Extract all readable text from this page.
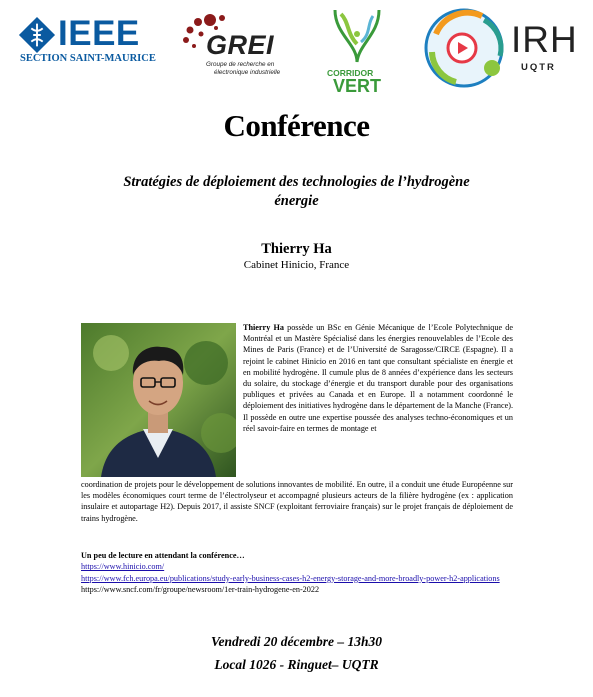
IEEE
SECTION SAINT-MAURICE GREI
Groupe de recherche en
électronique industrielle	CORRIDOR
VERT
IRH
UQTR
Conférence
Stratégies de déploiement des technologies de l’hydrogène énergie
Thierry Ha
Cabinet Hinicio, France
Thierry Ha possède un BSc en Génie Mécanique de l’Ecole Polytechnique de Montréal et un Mastère Spécialisé dans les énergies renouvelables de l’Ecole des Mines de Paris (France) et de l’Université de Saragosse/CIRCE (Espagne). Il a rejoint le cabinet Hinicio en 2016 en tant que consultant spécialiste en énergie et en mobilité hydrogène. Il cumule plus de 8 années d’expérience dans les secteurs du solaire, du stockage d’énergie et du transport durable pour des organisations publiques et privées au Canada et en Europe. Il a notamment coordonné le déploiement des initiatives hydrogène dans le département de la Manche (France). Il possède en outre une expertise poussée des analyses techno-économiques et un réel savoir-faire en termes de montage et
coordination de projets pour le développement de solutions innovantes de mobilité. En outre, il a conduit une étude Européenne sur les modèles économiques court terme de l’électrolyseur et accompagné plusieurs acteurs de la filière hydrogène (ex : application insulaire et autopartage H2). Depuis 2017, il assiste SNCF (exploitant ferroviaire français) sur le projet français de déploiement de trains hydrogène.
Un peu de lecture en attendant la conférence…
https://www.hinicio.com/
https://www.fch.europa.eu/publications/study-early-business-cases-h2-energy-storage-and-more-broadly-power-h2-applications
https://www.sncf.com/fr/groupe/newsroom/1er-train-hydrogene-en-2022
Vendredi 20 décembre – 13h30
Local 1026 - Ringuet– UQTR
